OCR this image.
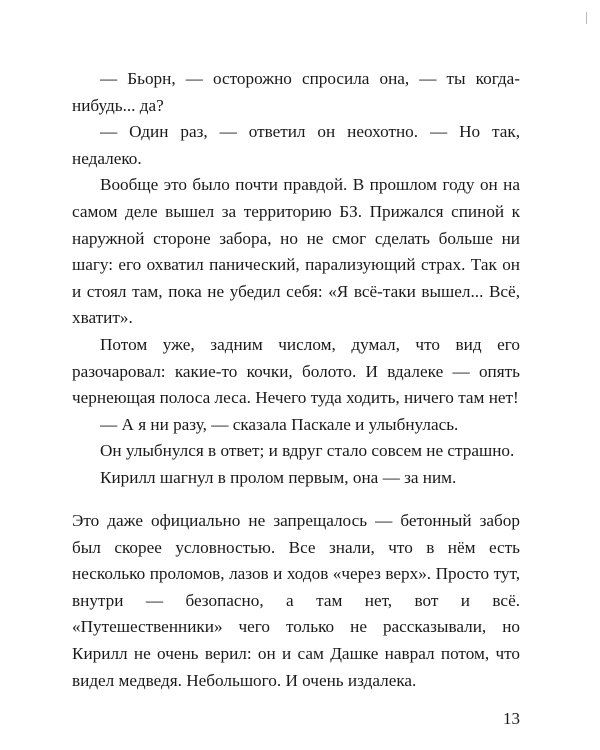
— Бьорн, — осторожно спросила она, — ты когда-нибудь... да?

— Один раз, — ответил он неохотно. — Но так, недалеко.

Вообще это было почти правдой. В прошлом году он на самом деле вышел за территорию БЗ. Прижался спиной к наружной стороне забора, но не смог сделать больше ни шагу: его охватил панический, парализующий страх. Так он и стоял там, пока не убедил себя: «Я всё-таки вышел... Всё, хватит».

Потом уже, задним числом, думал, что вид его разочаровал: какие-то кочки, болото. И вдалеке — опять чернеющая полоса леса. Нечего туда ходить, ничего там нет!

— А я ни разу, — сказала Паскале и улыбнулась.

Он улыбнулся в ответ; и вдруг стало совсем не страшно.

Кирилл шагнул в пролом первым, она — за ним.

Это даже официально не запрещалось — бетонный забор был скорее условностью. Все знали, что в нём есть несколько проломов, лазов и ходов «через верх». Просто тут, внутри — безопасно, а там нет, вот и всё. «Путешественники» чего только не рассказывали, но Кирилл не очень верил: он и сам Дашке наврал потом, что видел медведя. Небольшого. И очень издалека.

13
